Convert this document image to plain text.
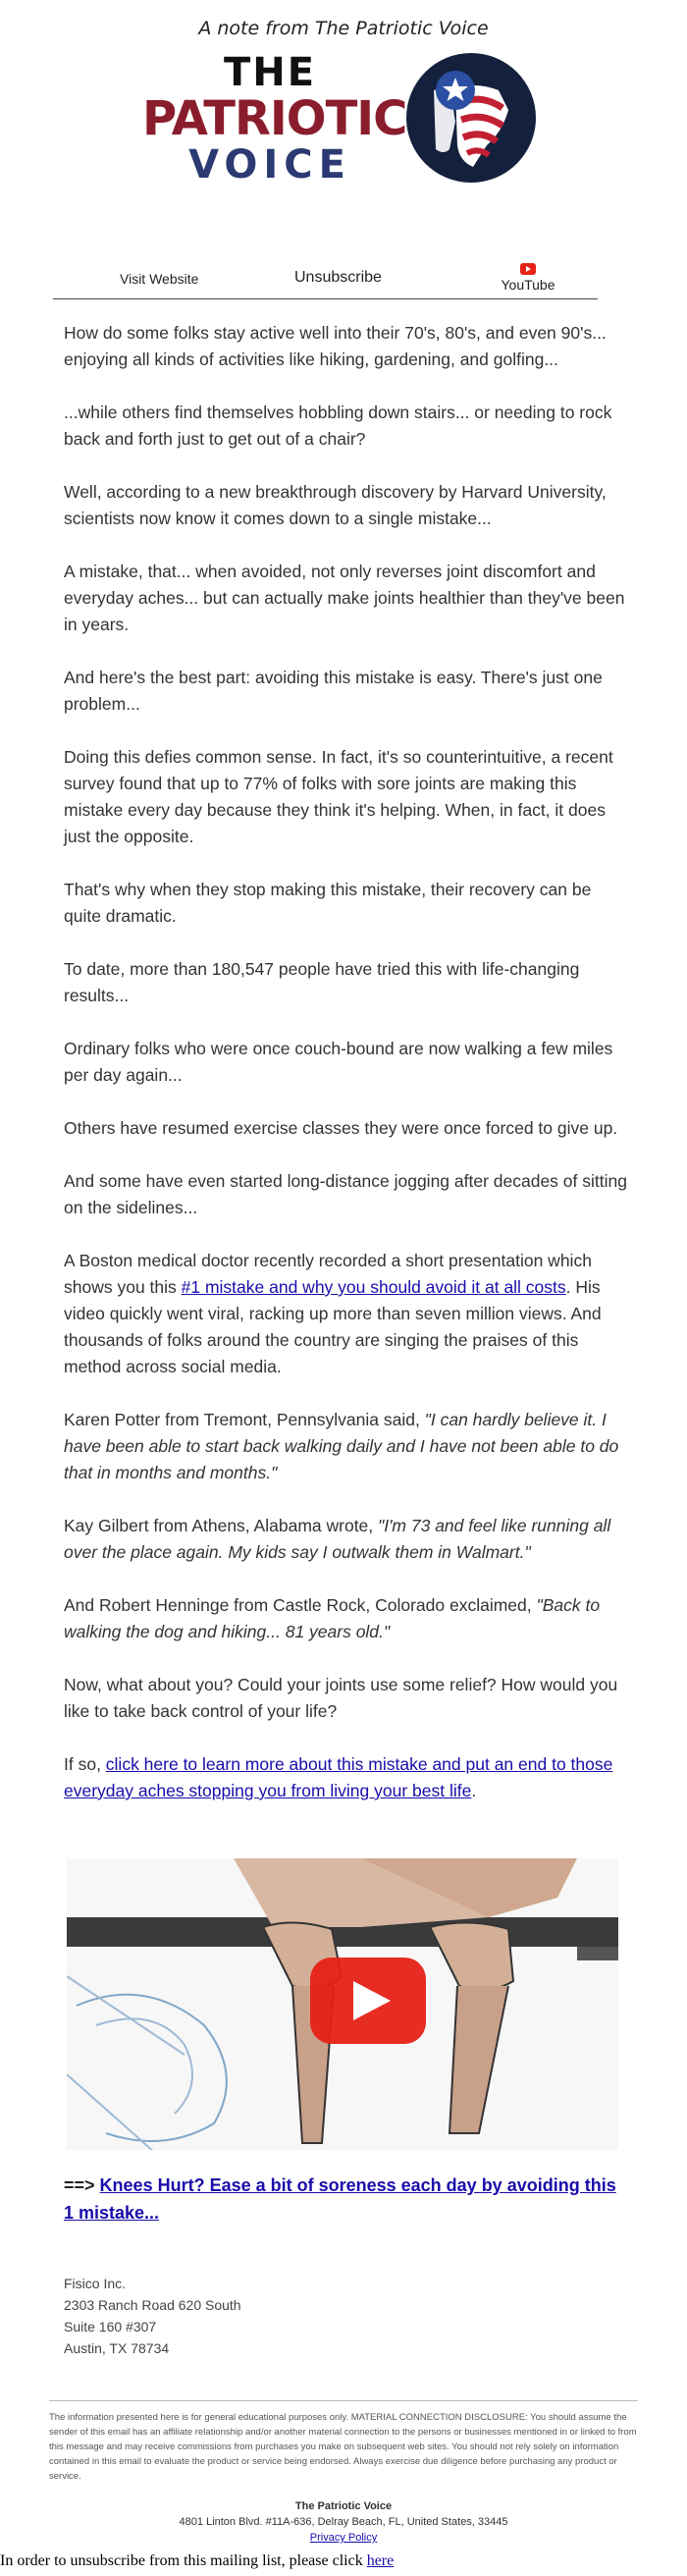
A note from The Patriotic Voice
THE
PATRIOTIC
VOICE
Visit Website	Unsubscribe	YouTube

How do some folks stay active well into their 70's, 80's, and even 90's... enjoying all kinds of activities like hiking, gardening, and golfing...

...while others find themselves hobbling down stairs... or needing to rock back and forth just to get out of a chair?

Well, according to a new breakthrough discovery by Harvard University, scientists now know it comes down to a single mistake...

A mistake, that... when avoided, not only reverses joint discomfort and everyday aches... but can actually make joints healthier than they've been in years.

And here's the best part: avoiding this mistake is easy. There's just one problem...

Doing this defies common sense. In fact, it's so counterintuitive, a recent survey found that up to 77% of folks with sore joints are making this mistake every day because they think it's helping. When, in fact, it does just the opposite.

That's why when they stop making this mistake, their recovery can be quite dramatic.

To date, more than 180,547 people have tried this with life-changing results...

Ordinary folks who were once couch-bound are now walking a few miles per day again...

Others have resumed exercise classes they were once forced to give up.

And some have even started long-distance jogging after decades of sitting on the sidelines...

A Boston medical doctor recently recorded a short presentation which shows you this #1 mistake and why you should avoid it at all costs. His video quickly went viral, racking up more than seven million views. And thousands of folks around the country are singing the praises of this method across social media.

Karen Potter from Tremont, Pennsylvania said, "I can hardly believe it. I have been able to start back walking daily and I have not been able to do that in months and months."

Kay Gilbert from Athens, Alabama wrote, "I'm 73 and feel like running all over the place again. My kids say I outwalk them in Walmart."

And Robert Henninge from Castle Rock, Colorado exclaimed, "Back to walking the dog and hiking... 81 years old."

Now, what about you? Could your joints use some relief? How would you like to take back control of your life?

If so, click here to learn more about this mistake and put an end to those everyday aches stopping you from living your best life.

==> Knees Hurt? Ease a bit of soreness each day by avoiding this 1 mistake...
Fisico Inc.
2303 Ranch Road 620 South
Suite 160 #307
Austin, TX 78734
The information presented here is for general educational purposes only. MATERIAL CONNECTION DISCLOSURE: You should assume the sender of this email has an affiliate relationship and/or another material connection to the persons or businesses mentioned in or linked to from this message and may receive commissions from purchases you make on subsequent web sites. You should not rely solely on information contained in this email to evaluate the product or service being endorsed. Always exercise due diligence before purchasing any product or service.
The Patriotic Voice
4801 Linton Blvd. #11A-636, Delray Beach, FL, United States, 33445
Privacy Policy
In order to unsubscribe from this mailing list, please click here
